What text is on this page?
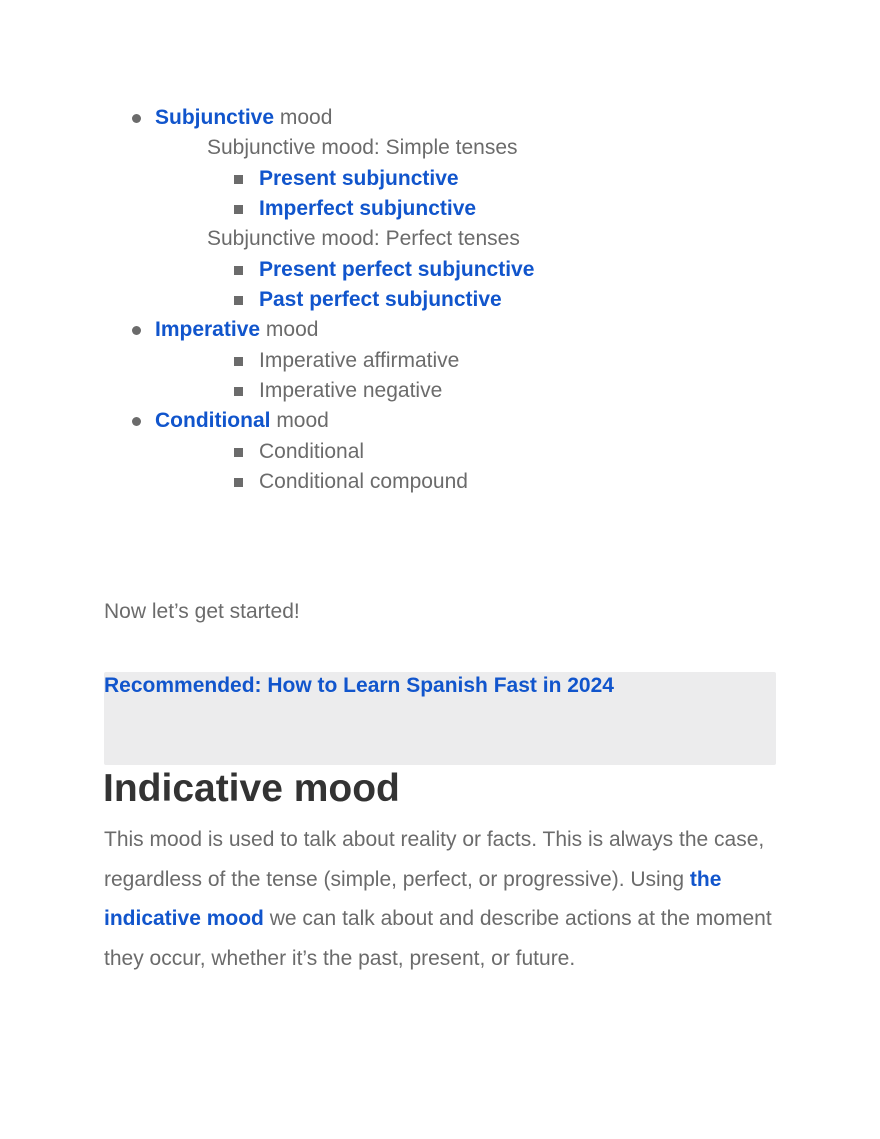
Subjunctive mood
Subjunctive mood: Simple tenses
Present subjunctive
Imperfect subjunctive
Subjunctive mood: Perfect tenses
Present perfect subjunctive
Past perfect subjunctive
Imperative mood
Imperative affirmative
Imperative negative
Conditional mood
Conditional
Conditional compound
Now let’s get started!
Recommended: How to Learn Spanish Fast in 2024
Indicative mood
This mood is used to talk about reality or facts. This is always the case, regardless of the tense (simple, perfect, or progressive). Using the indicative mood we can talk about and describe actions at the moment they occur, whether it’s the past, present, or future.
